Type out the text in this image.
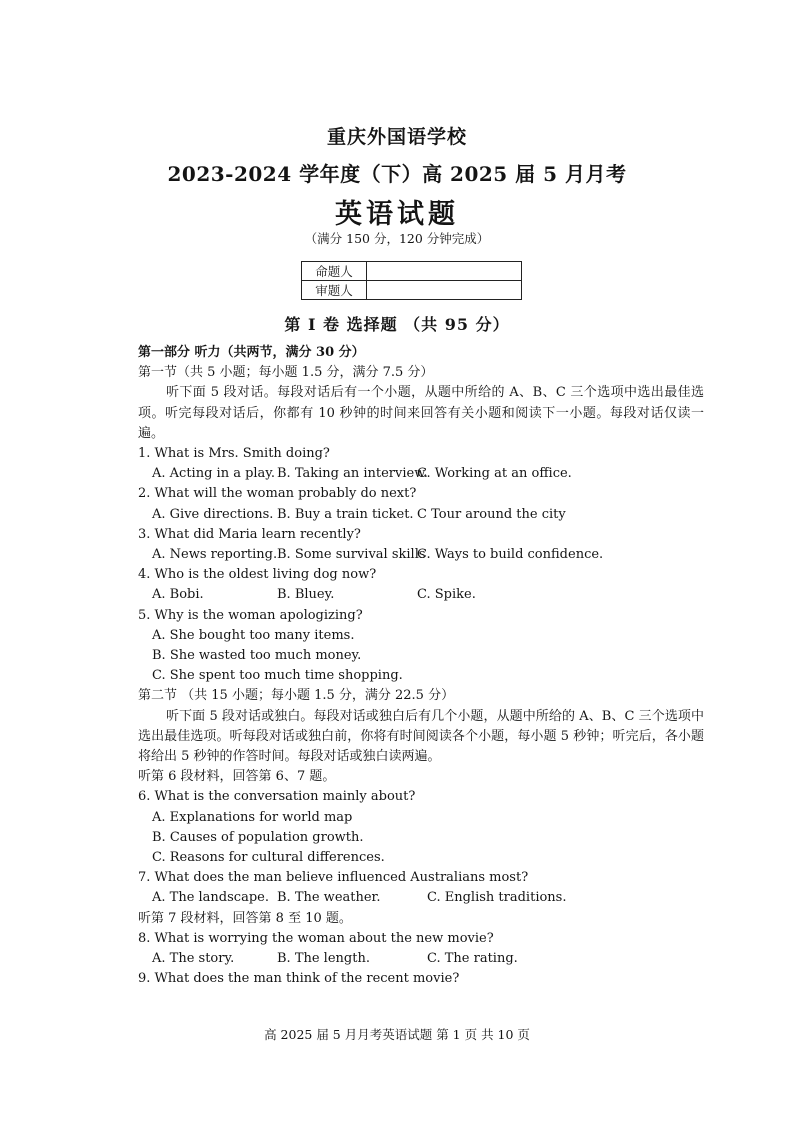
重庆外国语学校
2023-2024 学年度（下）高 2025 届 5 月月考
英语试题
（满分 150 分，120 分钟完成）
命题人	
审题人	
第 Ⅰ 卷 选择题 （共 95 分）
第一部分 听力（共两节，满分 30 分）
第一节（共 5 小题；每小题 1.5 分，满分 7.5 分）
听下面 5 段对话。每段对话后有一个小题，从题中所给的 A、B、C 三个选项中选出最佳选项。听完每段对话后，你都有 10 秒钟的时间来回答有关小题和阅读下一小题。每段对话仅读一遍。
1. What is Mrs. Smith doing?
A. Acting in a play. B. Taking an interview.C. Working at an office.
2. What will the woman probably do next?
A. Give directions. B. Buy a train ticket. C Tour around the city
3. What did Maria learn recently?
A. News reporting.B. Some survival skillsC. Ways to build confidence.
4. Who is the oldest living dog now?
A. Bobi.	B. Bluey.	C. Spike.
5. Why is the woman apologizing?
A. She bought too many items.
B. She wasted too much money.
C. She spent too much time shopping.
第二节 （共 15 小题；每小题 1.5 分，满分 22.5 分）
听下面 5 段对话或独白。每段对话或独白后有几个小题，从题中所给的 A、B、C 三个选项中选出最佳选项。听每段对话或独白前，你将有时间阅读各个小题，每小题 5 秒钟；听完后，各小题将给出 5 秒钟的作答时间。每段对话或独白读两遍。
听第 6 段材料，回答第 6、7 题。
6. What is the conversation mainly about?
A. Explanations for world map
B. Causes of population growth.
C. Reasons for cultural differences.
7. What does the man believe influenced Australians most?
A. The landscape. B. The weather.	C. English traditions.
听第 7 段材料，回答第 8 至 10 题。
8. What is worrying the woman about the new movie?
A. The story.	B. The length.	C. The rating.
9. What does the man think of the recent movie?
高 2025 届 5 月月考英语试题 第 1 页 共 10 页
